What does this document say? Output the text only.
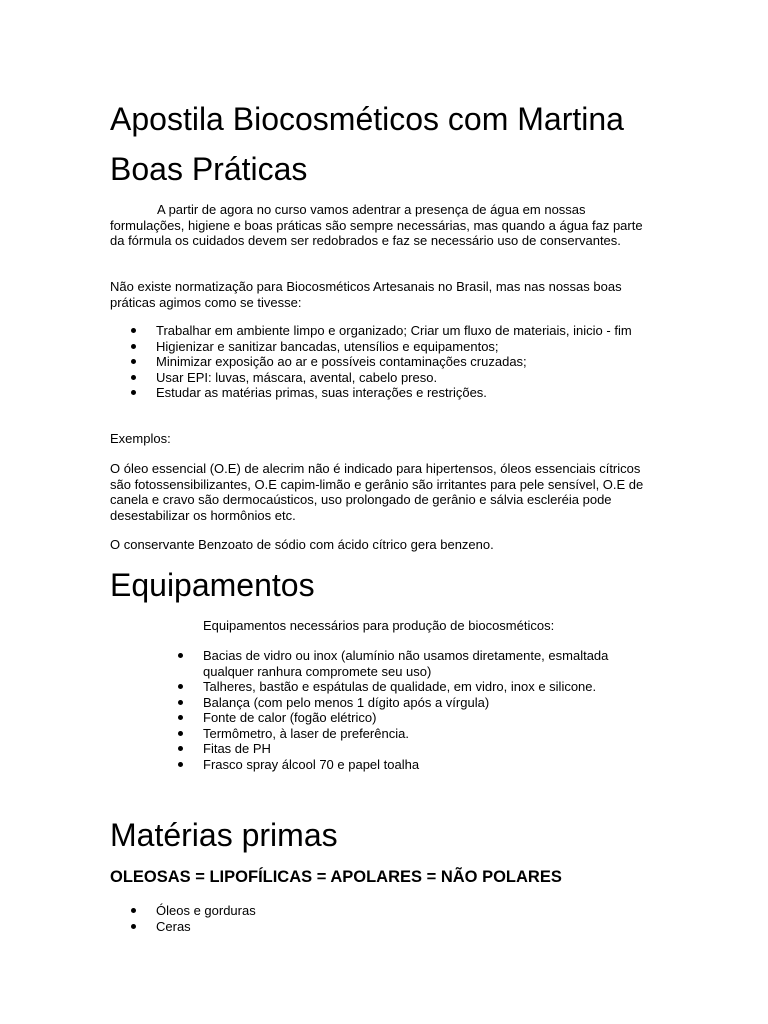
Apostila Biocosméticos com Martina
Boas Práticas

A partir de agora no curso vamos adentrar a presença de água em nossas formulações, higiene e boas práticas são sempre necessárias, mas quando a água faz parte da fórmula os cuidados devem ser redobrados e faz se necessário uso de conservantes.

Não existe normatização para Biocosméticos Artesanais no Brasil, mas nas nossas boas práticas agimos como se tivesse:

Trabalhar em ambiente limpo e organizado; Criar um fluxo de materiais, inicio - fim
Higienizar e sanitizar bancadas, utensílios e equipamentos;
Minimizar exposição ao ar e possíveis contaminações cruzadas;
Usar EPI: luvas, máscara, avental, cabelo preso.
Estudar as matérias primas, suas interações e restrições.

Exemplos:

O óleo essencial (O.E) de alecrim não é indicado para hipertensos, óleos essenciais cítricos são fotossensibilizantes, O.E capim-limão e gerânio são irritantes para pele sensível, O.E de canela e cravo são dermocaústicos, uso prolongado de gerânio e sálvia escleréia pode desestabilizar os hormônios etc.

O conservante Benzoato de sódio com ácido cítrico gera benzeno.

Equipamentos

Equipamentos necessários para produção de biocosméticos:

Bacias de vidro ou inox (alumínio não usamos diretamente, esmaltada qualquer ranhura compromete seu uso)
Talheres, bastão e espátulas de qualidade, em vidro, inox e silicone.
Balança (com pelo menos 1 dígito após a vírgula)
Fonte de calor (fogão elétrico)
Termômetro, à laser de preferência.
Fitas de PH
Frasco spray álcool 70 e papel toalha
Matérias primas
OLEOSAS = LIPOFÍLICAS = APOLARES = NÃO POLARES
Óleos e gorduras
Ceras
